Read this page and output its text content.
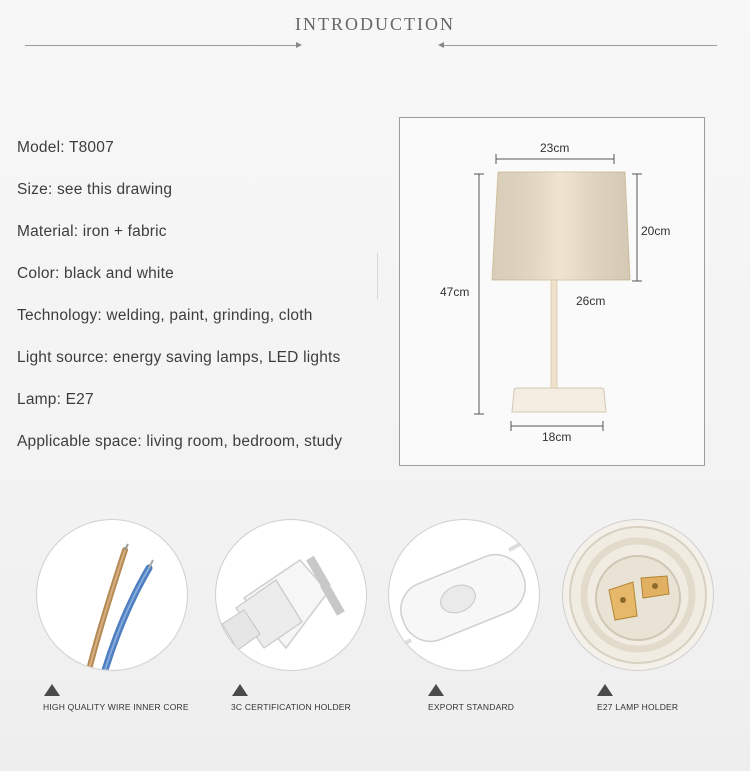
INTRODUCTION
Model: T8007
Size: see this drawing
Material: iron + fabric
Color: black and white
Technology: welding, paint, grinding, cloth
Light source: energy saving lamps, LED lights
Lamp: E27
Applicable space: living room, bedroom, study
23cm
20cm
47cm
26cm
18cm
HIGH QUALITY WIRE INNER CORE	3C CERTIFICATION HOLDER	EXPORT STANDARD	E27 LAMP HOLDER
